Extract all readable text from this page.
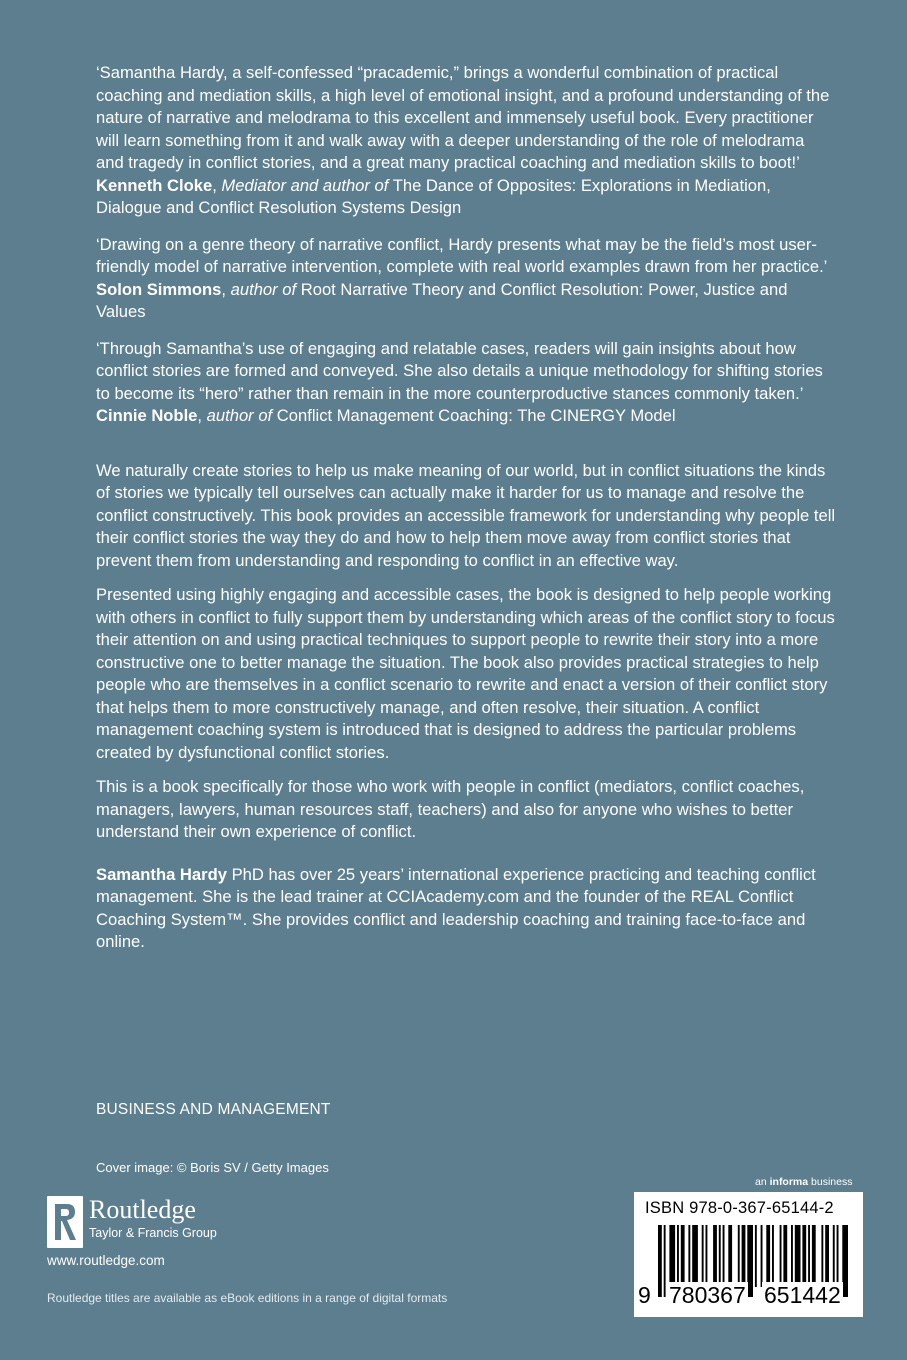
‘Samantha Hardy, a self-confessed “pracademic,” brings a wonderful combination of practical coaching and mediation skills, a high level of emotional insight, and a profound understanding of the nature of narrative and melodrama to this excellent and immensely useful book. Every practitioner will learn something from it and walk away with a deeper understanding of the role of melodrama and tragedy in conflict stories, and a great many practical coaching and mediation skills to boot!’

Kenneth Cloke, Mediator and author of The Dance of Opposites: Explorations in Mediation, Dialogue and Conflict Resolution Systems Design

‘Drawing on a genre theory of narrative conflict, Hardy presents what may be the field’s most user-friendly model of narrative intervention, complete with real world examples drawn from her practice.’

Solon Simmons, author of Root Narrative Theory and Conflict Resolution: Power, Justice and Values

‘Through Samantha’s use of engaging and relatable cases, readers will gain insights about how conflict stories are formed and conveyed. She also details a unique methodology for shifting stories to become its “hero” rather than remain in the more counterproductive stances commonly taken.’

Cinnie Noble, author of Conflict Management Coaching: The CINERGY Model

We naturally create stories to help us make meaning of our world, but in conflict situations the kinds of stories we typically tell ourselves can actually make it harder for us to manage and resolve the conflict constructively. This book provides an accessible framework for understanding why people tell their conflict stories the way they do and how to help them move away from conflict stories that prevent them from understanding and responding to conflict in an effective way.

Presented using highly engaging and accessible cases, the book is designed to help people working with others in conflict to fully support them by understanding which areas of the conflict story to focus their attention on and using practical techniques to support people to rewrite their story into a more constructive one to better manage the situation. The book also provides practical strategies to help people who are themselves in a conflict scenario to rewrite and enact a version of their conflict story that helps them to more constructively manage, and often resolve, their situation. A conflict management coaching system is introduced that is designed to address the particular problems created by dysfunctional conflict stories.

This is a book specifically for those who work with people in conflict (mediators, conflict coaches, managers, lawyers, human resources staff, teachers) and also for anyone who wishes to better understand their own experience of conflict.

Samantha Hardy PhD has over 25 years’ international experience practicing and teaching conflict management. She is the lead trainer at CCIAcademy.com and the founder of the REAL Conflict Coaching System™. She provides conflict and leadership coaching and training face-to-face and online.

BUSINESS AND MANAGEMENT
Cover image: © Boris SV / Getty Images
Routledge
Taylor & Francis Group
www.routledge.com
Routledge titles are available as eBook editions in a range of digital formats
an informa business
ISBN 978-0-367-65144-2
9 780367 651442
